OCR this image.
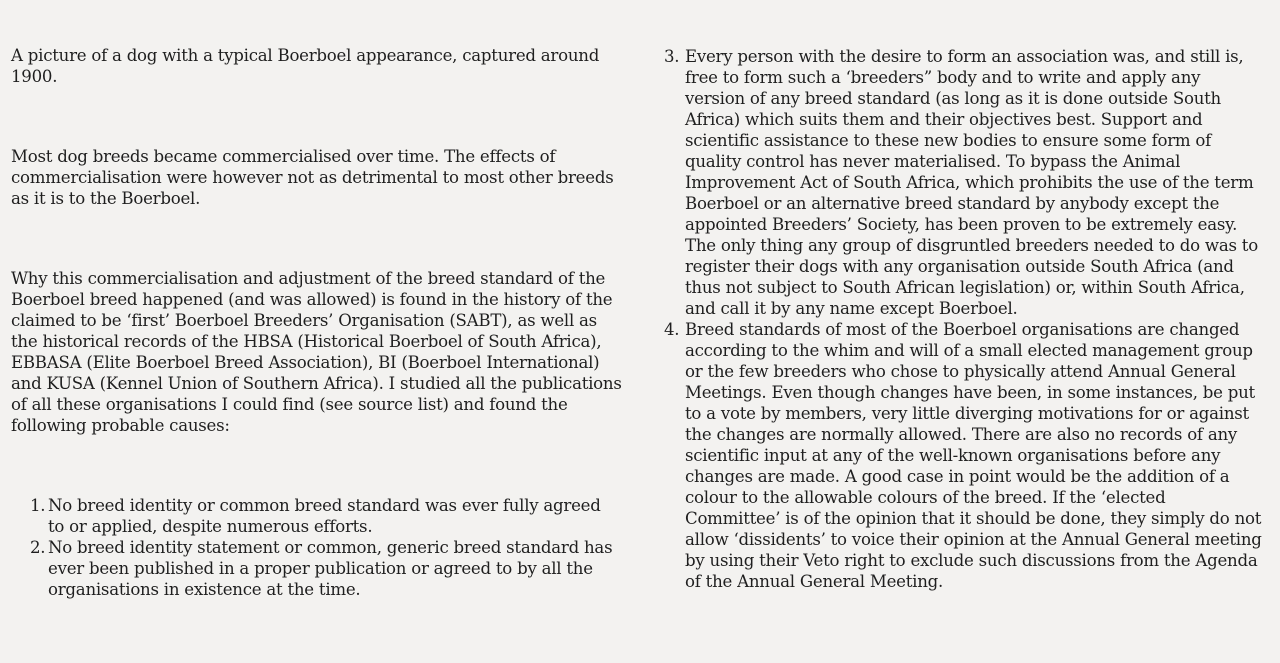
A picture of a dog with a typical Boerboel appearance, captured around 1900.

Most dog breeds became commercialised over time. The effects of commercialisation were however not as detrimental to most other breeds as it is to the Boerboel.

Why this commercialisation and adjustment of the breed standard of the Boerboel breed happened (and was allowed) is found in the history of the claimed to be ‘first’ Boerboel Breeders’ Organisation (SABT), as well as the historical records of the HBSA (Historical Boerboel of South Africa), EBBASA (Elite Boerboel Breed Association), BI (Boerboel International) and KUSA (Kennel Union of Southern Africa). I studied all the publications of all these organisations I could find (see source list) and found the following probable causes:

1. No breed identity or common breed standard was ever fully agreed to or applied, despite numerous efforts.
2. No breed identity statement or common, generic breed standard has ever been published in a proper publication or agreed to by all the organisations in existence at the time.
3. Every person with the desire to form an association was, and still is, free to form such a ‘breeders” body and to write and apply any version of any breed standard (as long as it is done outside South Africa) which suits them and their objectives best. Support and scientific assistance to these new bodies to ensure some form of quality control has never materialised. To bypass the Animal Improvement Act of South Africa, which prohibits the use of the term Boerboel or an alternative breed standard by anybody except the appointed Breeders’ Society, has been proven to be extremely easy. The only thing any group of disgruntled breeders needed to do was to register their dogs with any organisation outside South Africa (and thus not subject to South African legislation) or, within South Africa, and call it by any name except Boerboel.
4. Breed standards of most of the Boerboel organisations are changed according to the whim and will of a small elected management group or the few breeders who chose to physically attend Annual General Meetings. Even though changes have been, in some instances, be put to a vote by members, very little diverging motivations for or against the changes are normally allowed. There are also no records of any scientific input at any of the well-known organisations before any changes are made. A good case in point would be the addition of a colour to the allowable colours of the breed. If the ‘elected Committee’ is of the opinion that it should be done, they simply do not allow ‘dissidents’ to voice their opinion at the Annual General meeting by using their Veto right to exclude such discussions from the Agenda of the Annual General Meeting.
